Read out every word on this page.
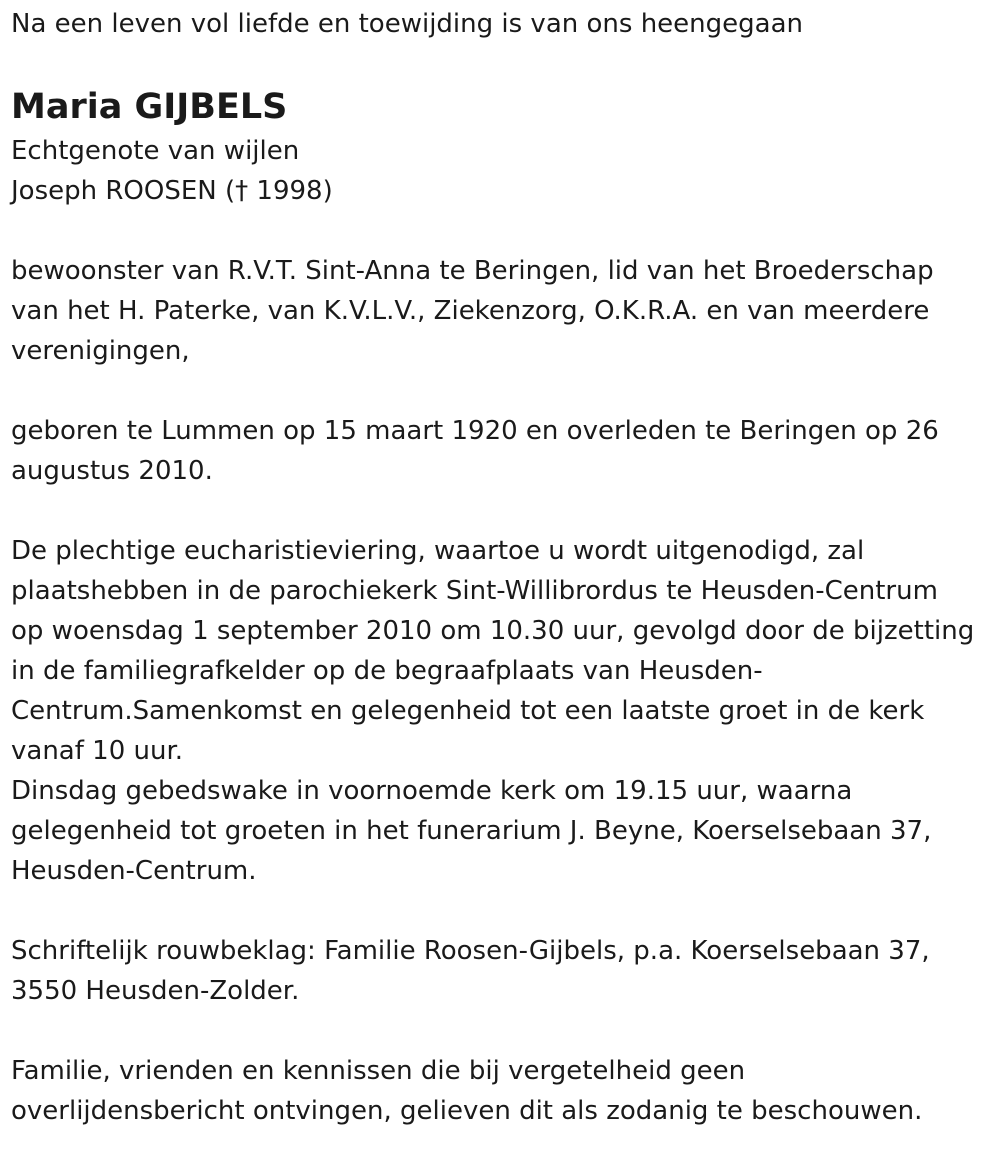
Na een leven vol liefde en toewijding is van ons heengegaan
Maria GIJBELS
Echtgenote van wijlen
Joseph ROOSEN († 1998)
bewoonster van R.V.T. Sint-Anna te Beringen, lid van het Broederschap
van het H. Paterke, van K.V.L.V., Ziekenzorg, O.K.R.A. en van meerdere
verenigingen,
geboren te Lummen op 15 maart 1920 en overleden te Beringen op 26
augustus 2010.
De plechtige eucharistieviering, waartoe u wordt uitgenodigd, zal
plaatshebben in de parochiekerk Sint-Willibrordus te Heusden-Centrum
op woensdag 1 september 2010 om 10.30 uur, gevolgd door de bijzetting
in de familiegrafkelder op de begraafplaats van Heusden-
Centrum.Samenkomst en gelegenheid tot een laatste groet in de kerk
vanaf 10 uur.
Dinsdag gebedswake in voornoemde kerk om 19.15 uur, waarna
gelegenheid tot groeten in het funerarium J. Beyne, Koerselsebaan 37,
Heusden-Centrum.
Schriftelijk rouwbeklag: Familie Roosen-Gijbels, p.a. Koerselsebaan 37,
3550 Heusden-Zolder.
Familie, vrienden en kennissen die bij vergetelheid geen
overlijdensbericht ontvingen, gelieven dit als zodanig te beschouwen.
